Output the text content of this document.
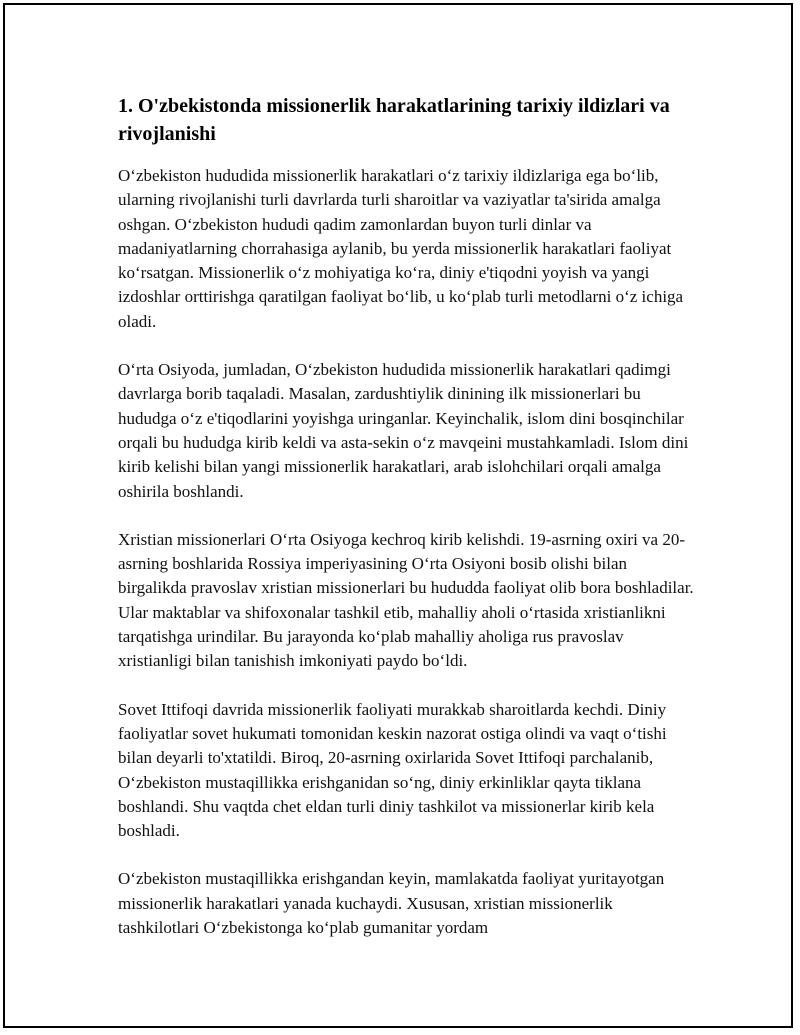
1. O'zbekistonda missionerlik harakatlarining tarixiy ildizlari va rivojlanishi

O‘zbekiston hududida missionerlik harakatlari o‘z tarixiy ildizlariga ega bo‘lib, ularning rivojlanishi turli davrlarda turli sharoitlar va vaziyatlar ta'sirida amalga oshgan. O‘zbekiston hududi qadim zamonlardan buyon turli dinlar va madaniyatlarning chorrahasiga aylanib, bu yerda missionerlik harakatlari faoliyat ko‘rsatgan. Missionerlik o‘z mohiyatiga ko‘ra, diniy e'tiqodni yoyish va yangi izdoshlar orttirishga qaratilgan faoliyat bo‘lib, u ko‘plab turli metodlarni o‘z ichiga oladi.

O‘rta Osiyoda, jumladan, O‘zbekiston hududida missionerlik harakatlari qadimgi davrlarga borib taqaladi. Masalan, zardushtiylik dinining ilk missionerlari bu hududga o‘z e'tiqodlarini yoyishga uringanlar. Keyinchalik, islom dini bosqinchilar orqali bu hududga kirib keldi va asta-sekin o‘z mavqeini mustahkamladi. Islom dini kirib kelishi bilan yangi missionerlik harakatlari, arab islohchilari orqali amalga oshirila boshlandi.

Xristian missionerlari O‘rta Osiyoga kechroq kirib kelishdi. 19-asrning oxiri va 20-asrning boshlarida Rossiya imperiyasining O‘rta Osiyoni bosib olishi bilan birgalikda pravoslav xristian missionerlari bu hududda faoliyat olib bora boshladilar. Ular maktablar va shifoxonalar tashkil etib, mahalliy aholi o‘rtasida xristianlikni tarqatishga urindilar. Bu jarayonda ko‘plab mahalliy aholiga rus pravoslav xristianligi bilan tanishish imkoniyati paydo bo‘ldi.

Sovet Ittifoqi davrida missionerlik faoliyati murakkab sharoitlarda kechdi. Diniy faoliyatlar sovet hukumati tomonidan keskin nazorat ostiga olindi va vaqt o‘tishi bilan deyarli to'xtatildi. Biroq, 20-asrning oxirlarida Sovet Ittifoqi parchalanib, O‘zbekiston mustaqillikka erishganidan so‘ng, diniy erkinliklar qayta tiklana boshlandi. Shu vaqtda chet eldan turli diniy tashkilot va missionerlar kirib kela boshladi.

O‘zbekiston mustaqillikka erishgandan keyin, mamlakatda faoliyat yuritayotgan missionerlik harakatlari yanada kuchaydi. Xususan, xristian missionerlik tashkilotlari O‘zbekistonga ko‘plab gumanitar yordam
